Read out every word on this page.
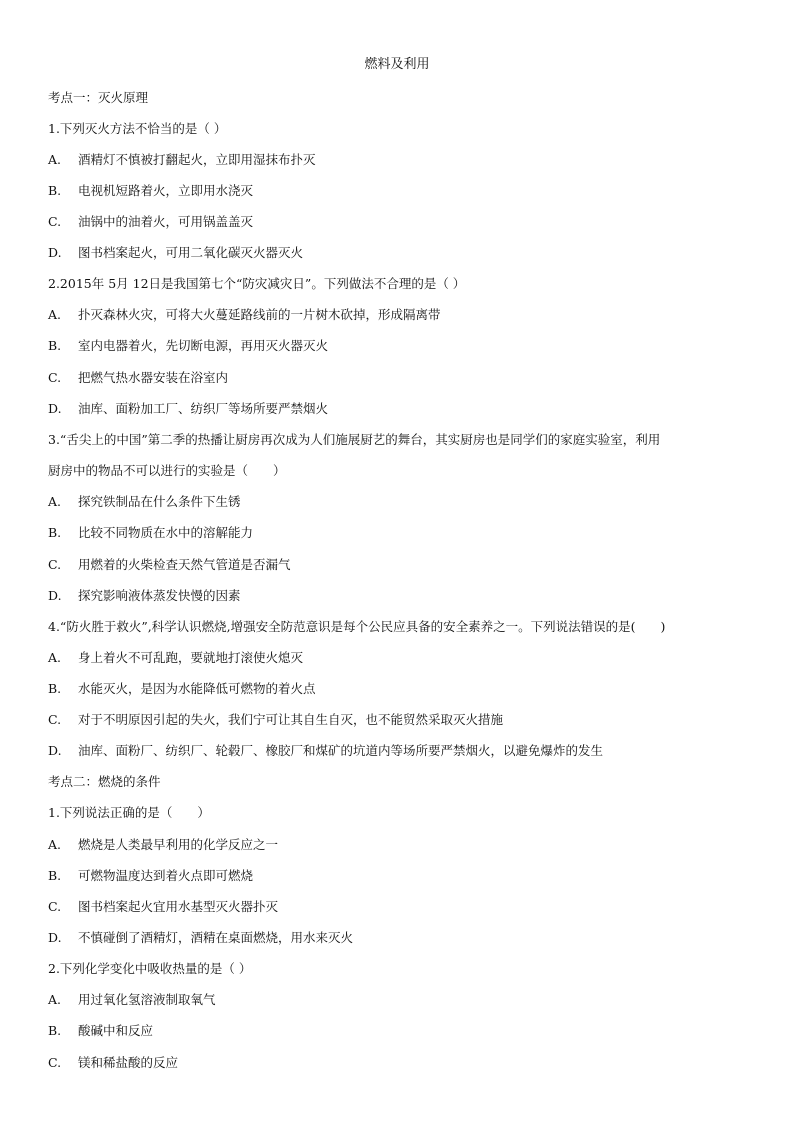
燃料及利用
考点一：灭火原理
1.下列灭火方法不恰当的是（ ）
A. 酒精灯不慎被打翻起火，立即用湿抹布扑灭
B. 电视机短路着火，立即用水浇灭
C. 油锅中的油着火，可用锅盖盖灭
D. 图书档案起火，可用二氧化碳灭火器灭火
2.2015年 5月 12日是我国第七个“防灾减灾日”。下列做法不合理的是（ ）
A. 扑灭森林火灾，可将大火蔓延路线前的一片树木砍掉，形成隔离带
B. 室内电器着火，先切断电源，再用灭火器灭火
C. 把燃气热水器安装在浴室内
D. 油库、面粉加工厂、纺织厂等场所要严禁烟火
3.“舌尖上的中国”第二季的热播让厨房再次成为人们施展厨艺的舞台，其实厨房也是同学们的家庭实验室，利用
厨房中的物品不可以进行的实验是（　　）
A. 探究铁制品在什么条件下生锈
B. 比较不同物质在水中的溶解能力
C. 用燃着的火柴检查天然气管道是否漏气
D. 探究影响液体蒸发快慢的因素
4.“防火胜于救火”,科学认识燃烧,增强安全防范意识是每个公民应具备的安全素养之一。下列说法错误的是(　　)
A. 身上着火不可乱跑，要就地打滚使火熄灭
B. 水能灭火，是因为水能降低可燃物的着火点
C. 对于不明原因引起的失火，我们宁可让其自生自灭，也不能贸然采取灭火措施
D. 油库、面粉厂、纺织厂、轮毂厂、橡胶厂和煤矿的坑道内等场所要严禁烟火，以避免爆炸的发生
考点二：燃烧的条件
1.下列说法正确的是（　　）
A. 燃烧是人类最早利用的化学反应之一
B. 可燃物温度达到着火点即可燃烧
C. 图书档案起火宜用水基型灭火器扑灭
D. 不慎碰倒了酒精灯，酒精在桌面燃烧，用水来灭火
2.下列化学变化中吸收热量的是（ ）
A. 用过氧化氢溶液制取氧气
B. 酸碱中和反应
C. 镁和稀盐酸的反应
